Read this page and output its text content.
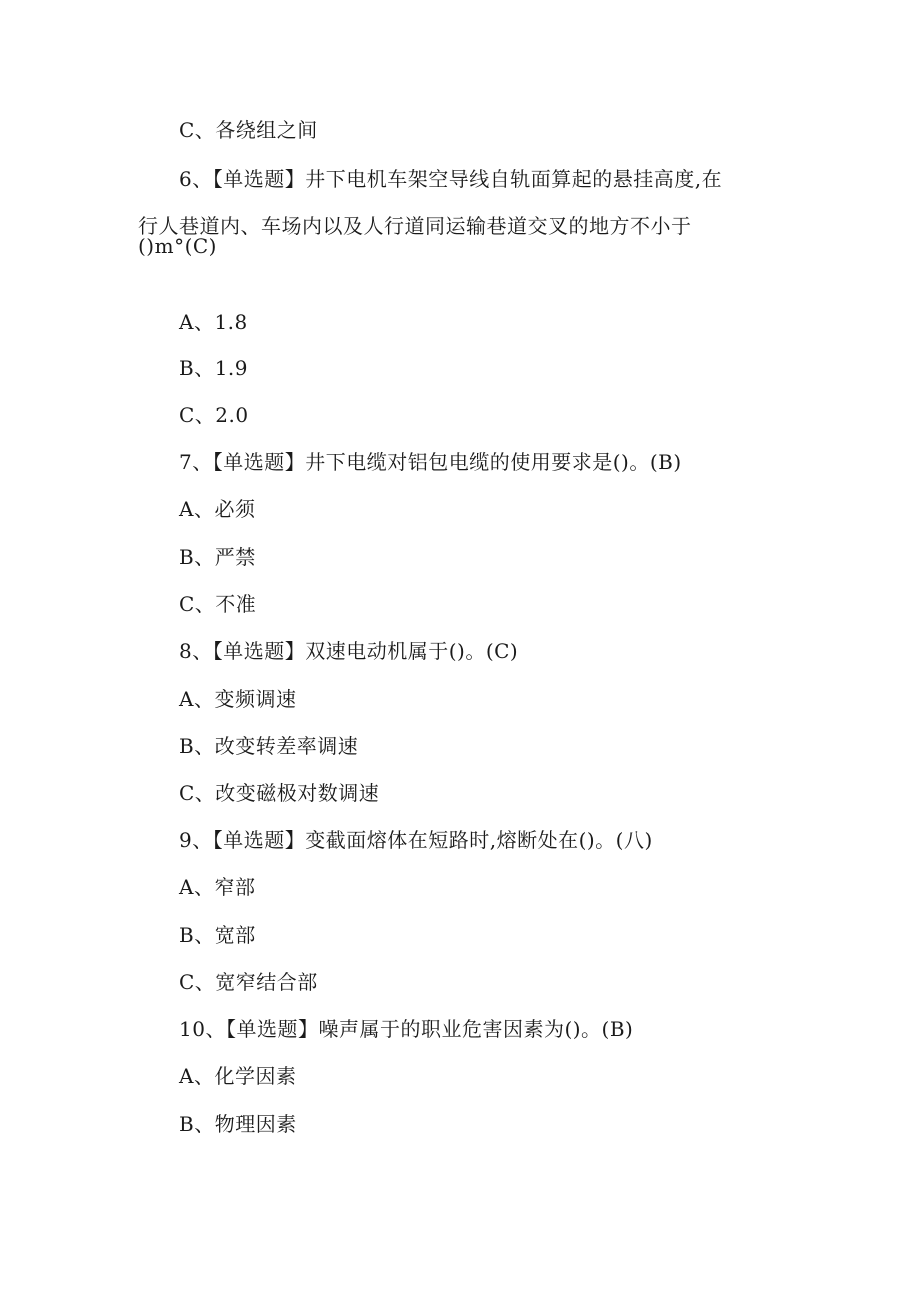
C、各绕组之间
6、【单选题】井下电机车架空导线自轨面算起的悬挂高度,在
行人巷道内、车场内以及人行道同运输巷道交叉的地方不小于
()m°(C)
A、1.8
B、1.9
C、2.0
7、【单选题】井下电缆对铝包电缆的使用要求是()。(B)
A、必须
B、严禁
C、不准
8、【单选题】双速电动机属于()。(C)
A、变频调速
B、改变转差率调速
C、改变磁极对数调速
9、【单选题】变截面熔体在短路时,熔断处在()。(八)
A、窄部
B、宽部
C、宽窄结合部
10、【单选题】噪声属于的职业危害因素为()。(B)
A、化学因素
B、物理因素
